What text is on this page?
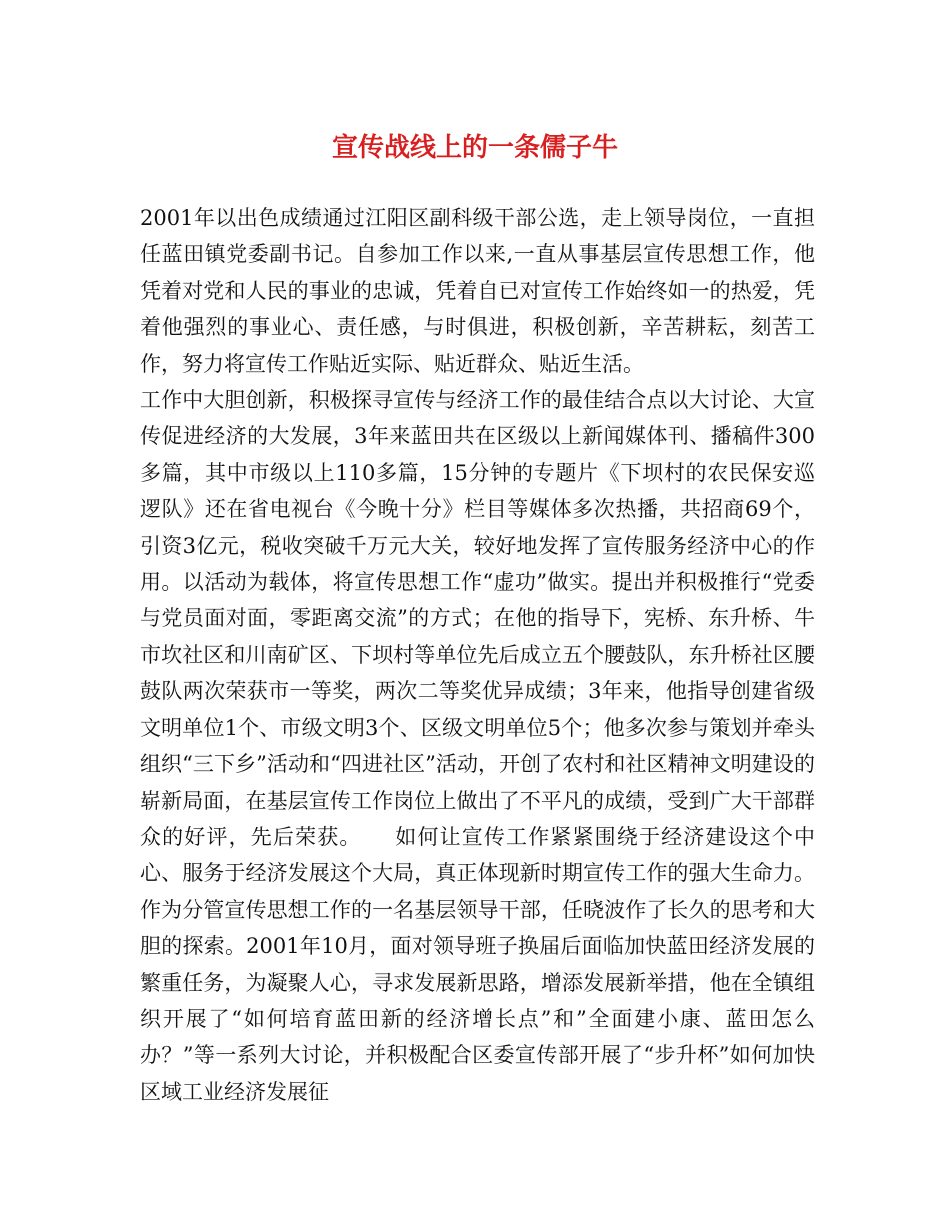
宣传战线上的一条儒子牛

2001年以出色成绩通过江阳区副科级干部公选，走上领导岗位，一直担任蓝田镇党委副书记。自参加工作以来,一直从事基层宣传思想工作，他凭着对党和人民的事业的忠诚，凭着自已对宣传工作始终如一的热爱，凭着他强烈的事业心、责任感，与时俱进，积极创新，辛苦耕耘，刻苦工作，努力将宣传工作贴近实际、贴近群众、贴近生活。

工作中大胆创新，积极探寻宣传与经济工作的最佳结合点以大讨论、大宣传促进经济的大发展，3年来蓝田共在区级以上新闻媒体刊、播稿件300多篇，其中市级以上110多篇，15分钟的专题片《下坝村的农民保安巡逻队》还在省电视台《今晚十分》栏目等媒体多次热播，共招商69个，引资3亿元，税收突破千万元大关，较好地发挥了宣传服务经济中心的作用。以活动为载体，将宣传思想工作“虚功”做实。提出并积极推行“党委与党员面对面，零距离交流”的方式；在他的指导下，宪桥、东升桥、牛市坎社区和川南矿区、下坝村等单位先后成立五个腰鼓队，东升桥社区腰鼓队两次荣获市一等奖，两次二等奖优异成绩；3年来，他指导创建省级文明单位1个、市级文明3个、区级文明单位5个；他多次参与策划并牵头组织“三下乡”活动和“四进社区”活动，开创了农村和社区精神文明建设的崭新局面，在基层宣传工作岗位上做出了不平凡的成绩，受到广大干部群众的好评，先后荣获。　　如何让宣传工作紧紧围绕于经济建设这个中心、服务于经济发展这个大局，真正体现新时期宣传工作的强大生命力。作为分管宣传思想工作的一名基层领导干部，任晓波作了长久的思考和大胆的探索。2001年10月，面对领导班子换届后面临加快蓝田经济发展的繁重任务，为凝聚人心，寻求发展新思路，增添发展新举措，他在全镇组织开展了“如何培育蓝田新的经济增长点”和”全面建小康、蓝田怎么办？”等一系列大讨论，并积极配合区委宣传部开展了“步升杯”如何加快区域工业经济发展征
